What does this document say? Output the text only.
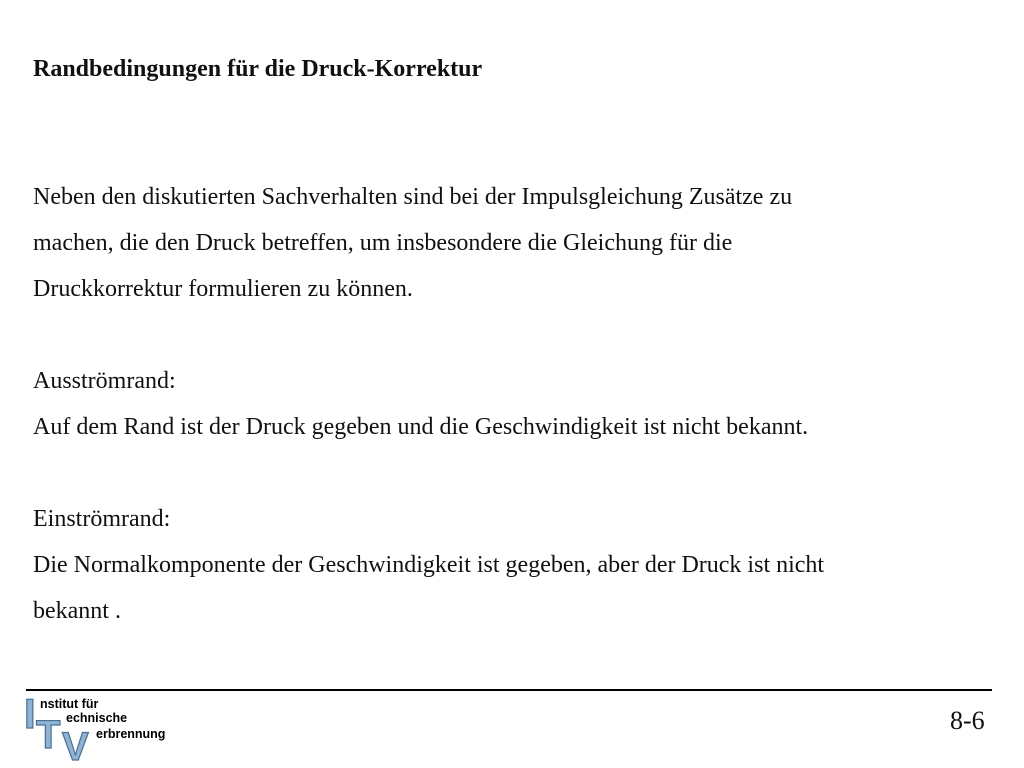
Randbedingungen für die Druck-Korrektur
Neben den diskutierten Sachverhalten sind bei der Impulsgleichung Zusätze zu
machen, die den Druck betreffen, um insbesondere die Gleichung für die
Druckkorrektur formulieren zu können.
Ausströmrand:
Auf dem Rand ist der Druck gegeben und die Geschwindigkeit ist nicht bekannt.
Einströmrand:
Die Normalkomponente der Geschwindigkeit ist gegeben, aber der Druck ist nicht
bekannt .
I T V
nstitut für
echnische
erbrennung	8-6
